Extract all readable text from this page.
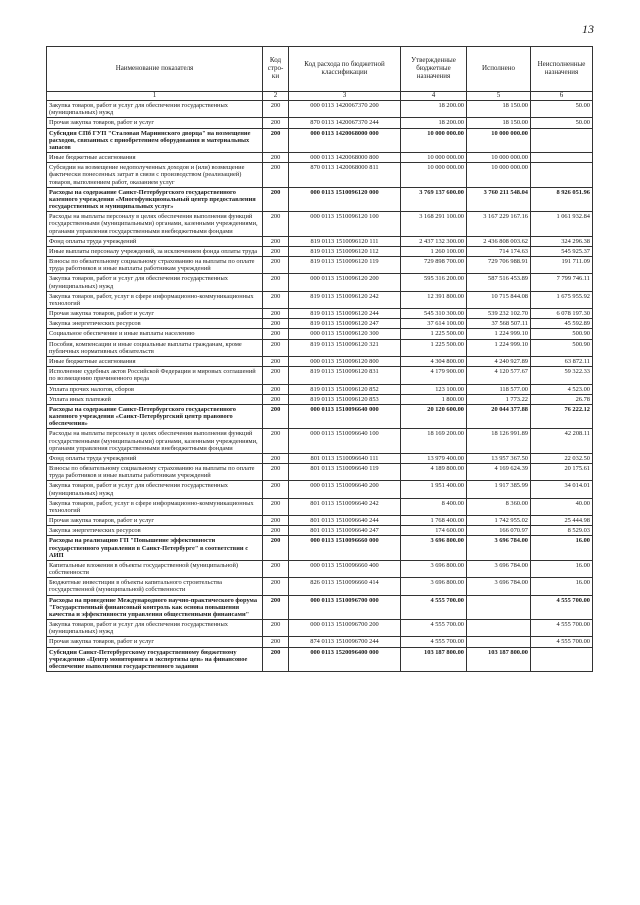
13
Наименование показателя	Код стро-ки	Код расхода по бюджетной классификации	Утвержденные бюджетные назначения	Исполнено	Неисполненные назначения
1	2	3	4	5	6
Закупка товаров, работ и услуг для обеспечения государственных (муниципальных) нужд	200	000 0113 1420067370 200	18 200.00	18 150.00	50.00
Прочая закупка товаров, работ и услуг	200	870 0113 1420067370 244	18 200.00	18 150.00	50.00
Субсидия СПб ГУП "Сталовая Мариинского дворца" на возмещение расходов, связанных с приобретением оборудования и материальных запасов	200	000 0113 1420068000 000	10 000 000.00	10 000 000.00	
Иные бюджетные ассигнования	200	000 0113 1420068000 800	10 000 000.00	10 000 000.00	
Субсидии на возмещение недополученных доходов и (или) возмещение фактически понесенных затрат в связи с производством (реализацией) товаров, выполнением работ, оказанием услуг	200	870 0113 1420068000 811	10 000 000.00	10 000 000.00	
Расходы на содержание Санкт-Петербургского государственного казенного учреждения «Многофункциональный центр предоставления государственных и муниципальных услуг»	200	000 0113 1510096120 000	3 769 137 600.00	3 760 211 548.04	8 926 051.96
Расходы на выплаты персоналу в целях обеспечения выполнения функций государственными (муниципальными) органами, казенными учреждениями, органами управления государственными внебюджетными фондами	200	000 0113 1510096120 100	3 168 291 100.00	3 167 229 167.16	1 061 932.84
Фонд оплаты труда учреждений	200	819 0113 1510096120 111	2 437 132 300.00	2 436 808 003.62	324 296.38
Иные выплаты персоналу учреждений, за исключением фонда оплаты труда	200	819 0113 1510096120 112	1 260 100.00	714 174.63	545 925.37
Взносы по обязательному социальному страхованию на выплаты по оплате труда работников и иные выплаты работникам учреждений	200	819 0113 1510096120 119	729 898 700.00	729 706 988.91	191 711.09
Закупка товаров, работ и услуг для обеспечения государственных (муниципальных) нужд	200	000 0113 1510096120 200	595 316 200.00	587 516 453.89	7 799 746.11
Закупка товаров, работ, услуг в сфере информационно-коммуникационных технологий	200	819 0113 1510096120 242	12 391 800.00	10 715 844.08	1 675 955.92
Прочая закупка товаров, работ и услуг	200	819 0113 1510096120 244	545 310 300.00	539 232 102.70	6 078 197.30
Закупка энергетических ресурсов	200	819 0113 1510096120 247	37 614 100.00	37 568 507.11	45 592.89
Социальное обеспечение и иные выплаты населению	200	000 0113 1510096120 300	1 225 500.00	1 224 999.10	500.90
Пособия, компенсации и иные социальные выплаты гражданам, кроме публичных нормативных обязательств	200	819 0113 1510096120 321	1 225 500.00	1 224 999.10	500.90
Иные бюджетные ассигнования	200	000 0113 1510096120 800	4 304 800.00	4 240 927.89	63 872.11
Исполнение судебных актов Российской Федерации и мировых соглашений по возмещению причиненного вреда	200	819 0113 1510096120 831	4 179 900.00	4 120 577.67	59 322.33
Уплата прочих налогов, сборов	200	819 0113 1510096120 852	123 100.00	118 577.00	4 523.00
Уплата иных платежей	200	819 0113 1510096120 853	1 800.00	1 773.22	26.78
Расходы на содержание Санкт-Петербургского государственного казенного учреждения «Санкт-Петербургский центр правового обеспечения»	200	000 0113 1510096640 000	20 120 600.00	20 044 377.88	76 222.12
Расходы на выплаты персоналу в целях обеспечения выполнения функций государственными (муниципальными) органами, казенными учреждениями, органами управления государственными внебюджетными фондами	200	000 0113 1510096640 100	18 169 200.00	18 126 991.89	42 208.11
Фонд оплаты труда учреждений	200	801 0113 1510096640 111	13 979 400.00	13 957 367.50	22 032.50
Взносы по обязательному социальному страхованию на выплаты по оплате труда работников и иные выплаты работникам учреждений	200	801 0113 1510096640 119	4 189 800.00	4 169 624.39	20 175.61
Закупка товаров, работ и услуг для обеспечения государственных (муниципальных) нужд	200	000 0113 1510096640 200	1 951 400.00	1 917 385.99	34 014.01
Закупка товаров, работ, услуг в сфере информационно-коммуникационных технологий	200	801 0113 1510096640 242	8 400.00	8 360.00	40.00
Прочая закупка товаров, работ и услуг	200	801 0113 1510096640 244	1 768 400.00	1 742 955.02	25 444.98
Закупка энергетических ресурсов	200	801 0113 1510096640 247	174 600.00	166 070.97	8 529.03
Расходы на реализацию ГП "Повышение эффективности государственного управления в Санкт-Петербурге" в соответствии с АИП	200	000 0113 1510096660 000	3 696 800.00	3 696 784.00	16.00
Капитальные вложения в объекты государственной (муниципальной) собственности	200	000 0113 1510096660 400	3 696 800.00	3 696 784.00	16.00
Бюджетные инвестиции в объекты капитального строительства государственной (муниципальной) собственности	200	826 0113 1510096660 414	3 696 800.00	3 696 784.00	16.00
Расходы на проведение Международного научно-практического форума "Государственный финансовый контроль как основа повышения качества и эффективности управления общественными финансами"	200	000 0113 1510096700 000	4 555 700.00		4 555 700.00
Закупка товаров, работ и услуг для обеспечения государственных (муниципальных) нужд	200	000 0113 1510096700 200	4 555 700.00		4 555 700.00
Прочая закупка товаров, работ и услуг	200	874 0113 1510096700 244	4 555 700.00		4 555 700.00
Субсидии Санкт-Петербургскому государственному бюджетному учреждению «Центр мониторинга и экспертизы цен» на финансовое обеспечение выполнения государственного задания	200	000 0113 1520096400 000	103 187 800.00	103 187 800.00	
